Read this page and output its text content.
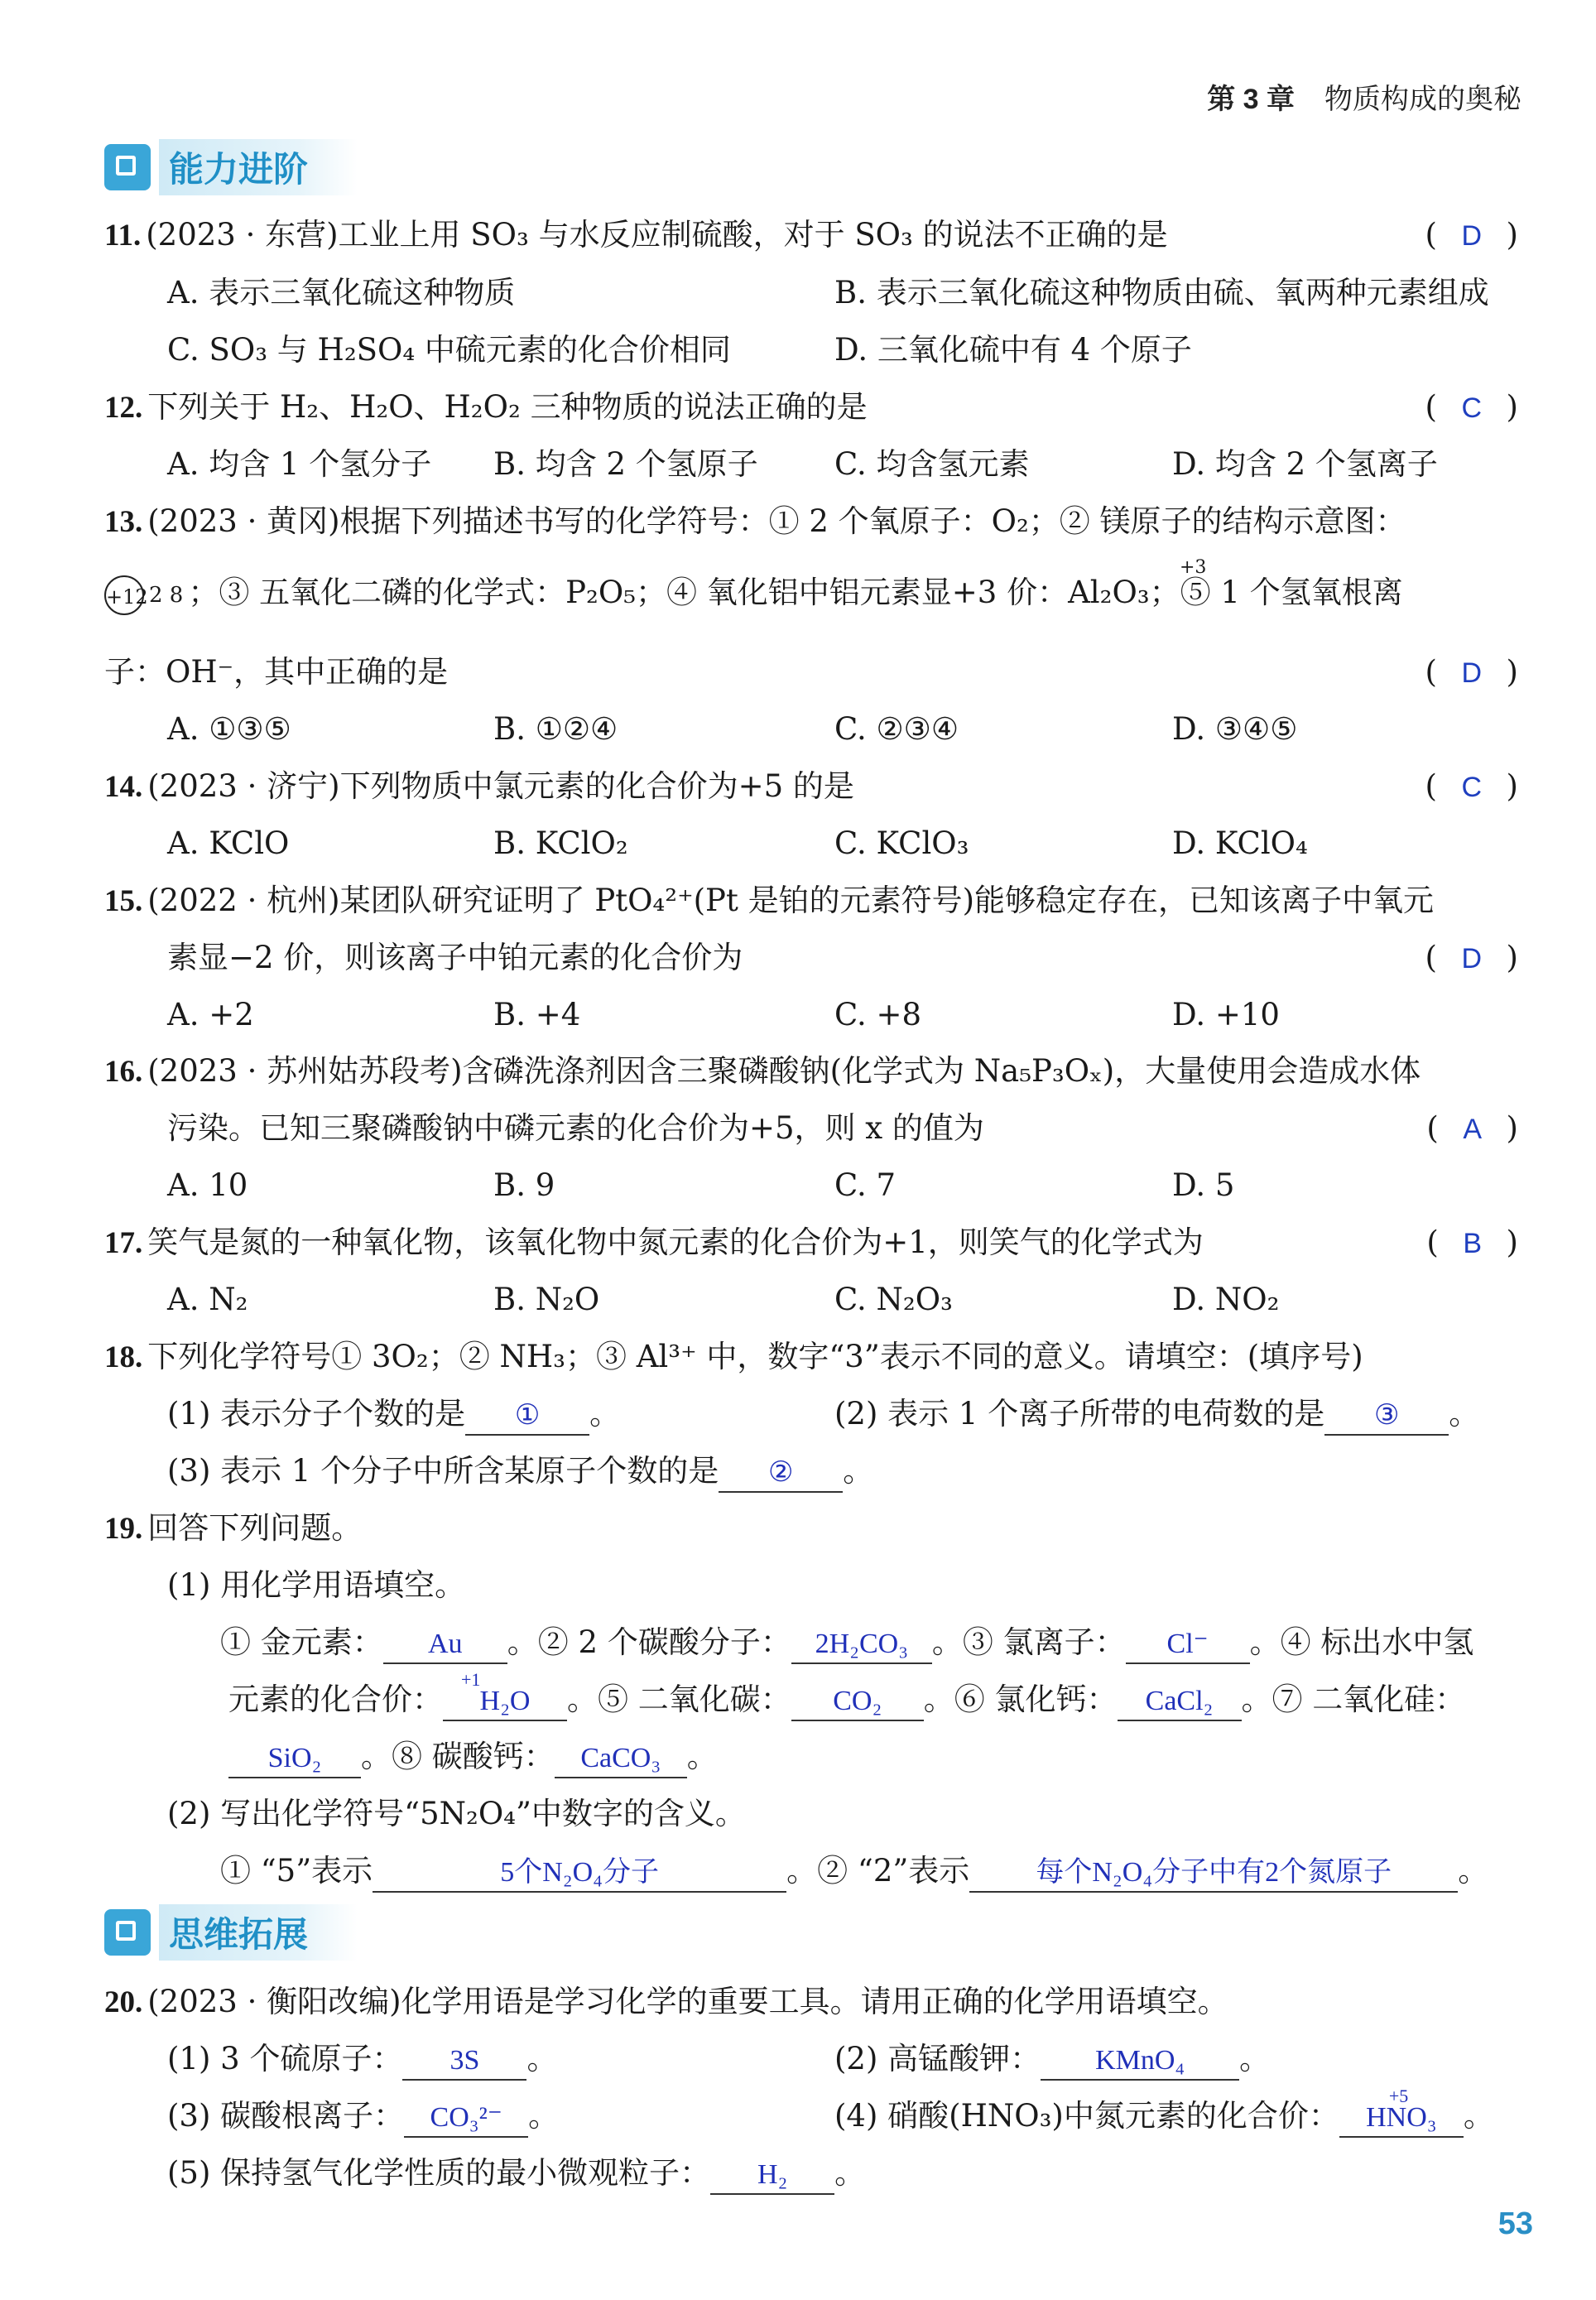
第 3 章 物质构成的奥秘
能力进阶
11. (2023 · 东营)工业上用 SO₃ 与水反应制硫酸，对于 SO₃ 的说法不正确的是	(  D  )
A. 表示三氧化硫这种物质	B. 表示三氧化硫这种物质由硫、氧两种元素组成
C. SO₃ 与 H₂SO₄ 中硫元素的化合价相同	D. 三氧化硫中有 4 个原子
12. 下列关于 H₂、H₂O、H₂O₂ 三种物质的说法正确的是	(  C  )
A. 均含 1 个氢分子 B. 均含 2 个氢原子 C. 均含氢元素	D. 均含 2 个氢离子
13. (2023 · 黄冈)根据下列描述书写的化学符号：① 2 个氧原子：O₂；② 镁原子的结构示意图：
+122 8 ；③ 五氧化二磷的化学式：P₂O₅；④ 氧化铝中铝元素显+3 价：Al₂O₃；⑤ 1 个氢氧根离
+3
子：OH⁻，其中正确的是	(  D  )
A. ①③⑤	B. ①②④	C. ②③④	D. ③④⑤
14. (2023 · 济宁)下列物质中氯元素的化合价为+5 的是	(  C  )
A. KClO	B. KClO₂	C. KClO₃	D. KClO₄
15. (2022 · 杭州)某团队研究证明了 PtO₄²⁺(Pt 是铂的元素符号)能够稳定存在，已知该离子中氧元
素显−2 价，则该离子中铂元素的化合价为	(  D  )
A. +2	B. +4	C. +8	D. +10
16. (2023 · 苏州姑苏段考)含磷洗涤剂因含三聚磷酸钠(化学式为 Na₅P₃Oₓ)，大量使用会造成水体
污染。已知三聚磷酸钠中磷元素的化合价为+5，则 x 的值为	(  A  )
A. 10	B. 9	C. 7	D. 5
17. 笑气是氮的一种氧化物，该氧化物中氮元素的化合价为+1，则笑气的化学式为	(  B  )
A. N₂	B. N₂O	C. N₂O₃	D. NO₂
18. 下列化学符号① 3O₂；② NH₃；③ Al³⁺ 中，数字“3”表示不同的意义。请填空：(填序号)
(1) 表示分子个数的是 ① 。	(2) 表示 1 个离子所带的电荷数的是 ③ 。
(3) 表示 1 个分子中所含某原子个数的是 ② 。
19. 回答下列问题。
(1) 用化学用语填空。
① 金元素： Au 。② 2 个碳酸分子： 2H₂CO₃ 。③ 氯离子： Cl⁻ 。④ 标出水中氢
元素的化合价：
+1
H₂O 。⑤ 二氧化碳： CO₂ 。⑥ 氯化钙： CaCl₂ 。⑦ 二氧化硅：
SiO₂ 。⑧ 碳酸钙： CaCO₃ 。
(2) 写出化学符号“5N₂O₄”中数字的含义。
① “5”表示	5个N₂O₄分子	。② “2”表示 每个N₂O₄分子中有2个氮原子 。
思维拓展
20. (2023 · 衡阳改编)化学用语是学习化学的重要工具。请用正确的化学用语填空。
(1) 3 个硫原子： 3S 。	(2) 高锰酸钾： KMnO₄ 。
(3) 碳酸根离子： CO₃²⁻ 。	(4) 硝酸(HNO₃)中氮元素的化合价：
+5
HNO₃ 。
(5) 保持氢气化学性质的最小微观粒子： H₂ 。
53
